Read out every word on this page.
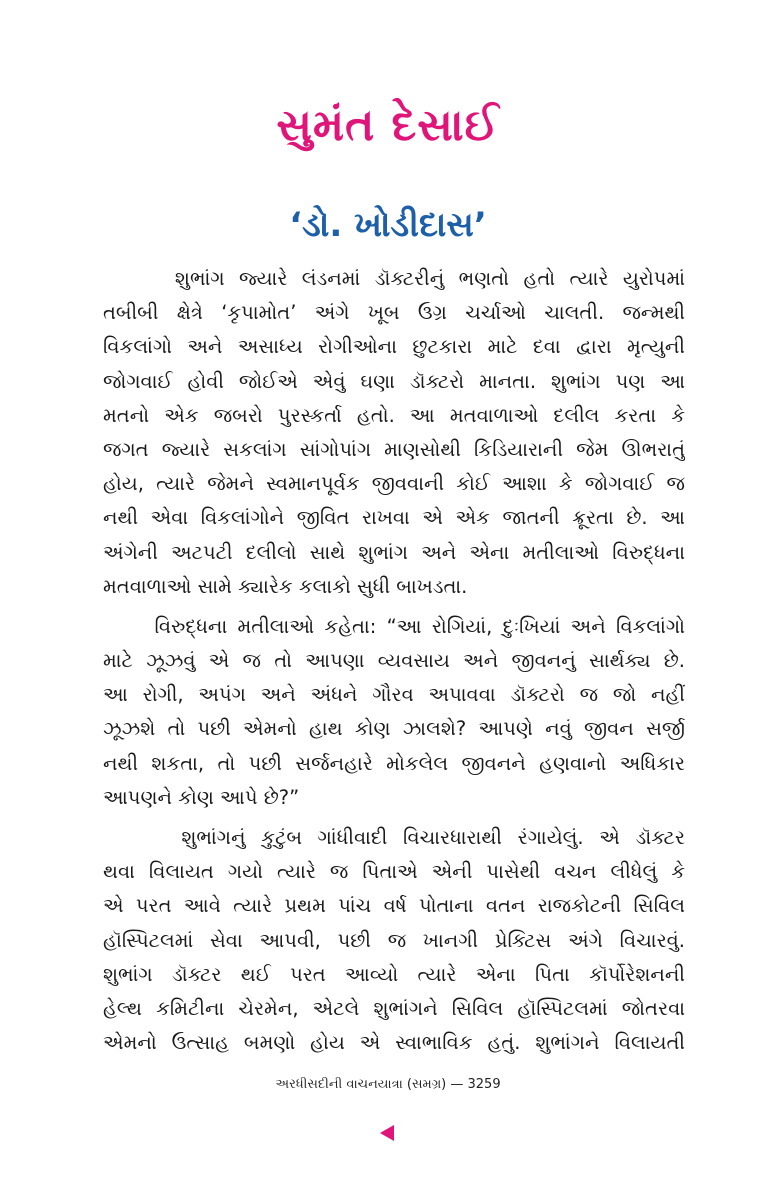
સુમંત દેસાઈ
‘ડો. ખોડીદાસ’
શુભાંગ જ્યારે લંડનમાં ડૉક્ટરીનું ભણતો હતો ત્યારે યુરોપમાં
તબીબી ક્ષેત્રે ‘કૃપામોત’ અંગે ખૂબ ઉગ્ર ચર્ચાઓ ચાલતી. જન્મથી
વિકલાંગો અને અસાધ્ય રોગીઓના છુટકારા માટે દવા દ્વારા મૃત્યુની
જોગવાઈ હોવી જોઈએ એવું ઘણા ડૉક્ટરો માનતા. શુભાંગ પણ આ
મતનો એક જબરો પુરસ્કર્તા હતો. આ મતવાળાઓ દલીલ કરતા કે
જગત જ્યારે સકલાંગ સાંગોપાંગ માણસોથી કિડિયારાની જેમ ઊભરાતું
હોય, ત્યારે જેમને સ્વમાનપૂર્વક જીવવાની કોઈ આશા કે જોગવાઈ જ
નથી એવા વિકલાંગોને જીવિત રાખવા એ એક જાતની ક્રૂરતા છે. આ
અંગેની અટપટી દલીલો સાથે શુભાંગ અને એના મતીલાઓ વિરુદ્ધના
મતવાળાઓ સામે ક્યારેક કલાકો સુધી બાખડતા.
વિરુદ્ધના મતીલાઓ કહેતા: “આ રોગિયાં, દુઃખિયાં અને વિકલાંગો
માટે ઝૂઝવું એ જ તો આપણા વ્યવસાય અને જીવનનું સાર્થક્ય છે.
આ રોગી, અપંગ અને અંધને ગૌરવ અપાવવા ડૉક્ટરો જ જો નહીં
ઝૂઝશે તો પછી એમનો હાથ કોણ ઝાલશે? આપણે નવું જીવન સર્જી
નથી શકતા, તો પછી સર્જનહારે મોકલેલ જીવનને હણવાનો અધિકાર
આપણને કોણ આપે છે?”
શુભાંગનું કુટુંબ ગાંધીવાદી વિચારધારાથી રંગાયેલું. એ ડૉક્ટર
થવા વિલાયત ગયો ત્યારે જ પિતાએ એની પાસેથી વચન લીધેલું કે
એ પરત આવે ત્યારે પ્રથમ પાંચ વર્ષ પોતાના વતન રાજકોટની સિવિલ
હૉસ્પિટલમાં સેવા આપવી, પછી જ ખાનગી પ્રેક્ટિસ અંગે વિચારવું.
શુભાંગ ડૉક્ટર થઈ પરત આવ્યો ત્યારે એના પિતા કૉર્પોરેશનની
હેલ્થ કમિટીના ચેરમેન, એટલે શુભાંગને સિવિલ હૉસ્પિટલમાં જોતરવા
એમનો ઉત્સાહ બમણો હોય એ સ્વાભાવિક હતું. શુભાંગને વિલાયતી
અરધીસદીની વાચનયાત્રા (સમગ્ર) — 3259
